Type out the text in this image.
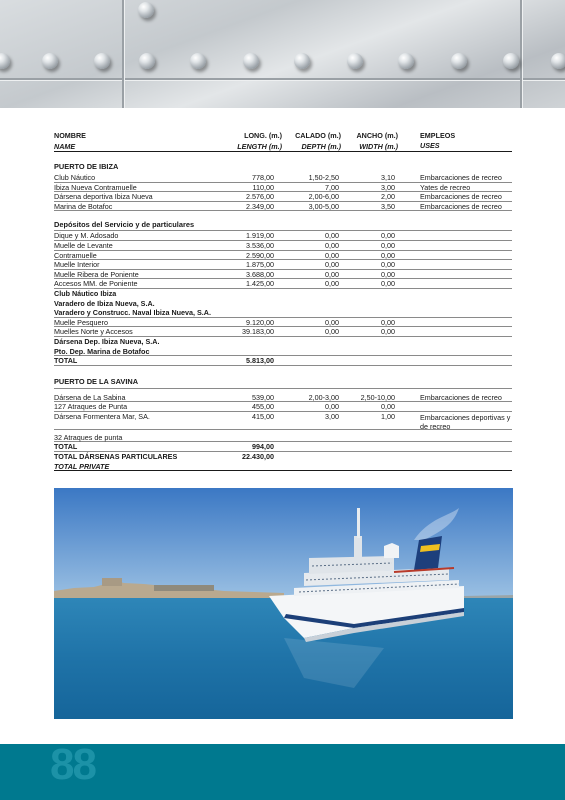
NOMBRE	LONG. (m.)	CALADO (m.)	ANCHO (m.)	EMPLEOS
NAME	LENGTH (m.)	DEPTH (m.)	WIDTH (m.)	USES
PUERTO DE IBIZA
Club Náutico	778,00	1,50-2,50	3,10	Embarcaciones de recreo
Ibiza Nueva Contramuelle	110,00	7,00	3,00	Yates de recreo
Dársena deportiva Ibiza Nueva	2.576,00	2,00-6,00	2,00	Embarcaciones de recreo
Marina de Botafoc	2.349,00	3,00-5,00	3,50	Embarcaciones de recreo
Depósitos del Servicio y de particulares
Dique y M. Adosado	1.919,00	0,00	0,00
Muelle de Levante	3.536,00	0,00	0,00
Contramuelle	2.590,00	0,00	0,00
Muelle Interior	1.875,00	0,00	0,00
Muelle Ribera de Poniente	3.688,00	0,00	0,00
Accesos MM. de Poniente	1.425,00	0,00	0,00
Club Náutico Ibiza
Varadero de Ibiza Nueva, S.A.
Varadero y Construcc. Naval Ibiza Nueva, S.A.
Muelle Pesquero	9.120,00	0,00	0,00
Muelles Norte y Accesos	39.183,00	0,00	0,00
Dársena Dep. Ibiza Nueva, S.A.
Pto. Dep. Marina de Botafoc
TOTAL	5.813,00
PUERTO DE LA SAVINA
Dársena de La Sabina	539,00	2,00-3,00	2,50-10,00	Embarcaciones de recreo
127 Atraques de Punta	455,00	0,00	0,00
Dársena Formentera Mar, SA.	415,00	3,00	1,00	Embarcaciones deportivas y de recreo
32 Atraques de punta
TOTAL	994,00
TOTAL DÁRSENAS PARTICULARES	22.430,00
TOTAL PRIVATE
88
